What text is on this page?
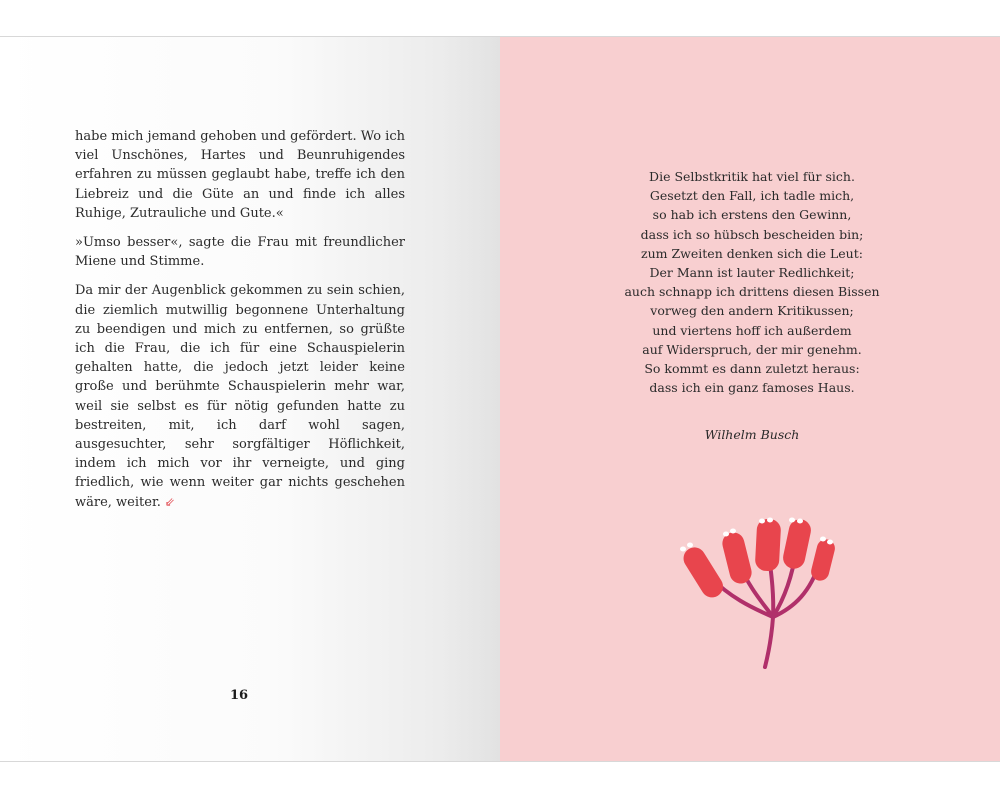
habe mich jemand gehoben und gefördert. Wo ich viel Unschönes, Hartes und Beunruhigendes erfahren zu müssen geglaubt habe, treffe ich den Liebreiz und die Güte an und finde ich alles Ruhige, Zutrauliche und Gute.«

»Umso besser«, sagte die Frau mit freundlicher Miene und Stimme.

Da mir der Augenblick gekommen zu sein schien, die ziemlich mutwillig begonnene Unterhaltung zu beendigen und mich zu entfernen, so grüßte ich die Frau, die ich für eine Schauspielerin gehalten hatte, die jedoch jetzt leider keine große und berühmte Schauspielerin mehr war, weil sie selbst es für nötig gefunden hatte zu bestreiten, mit, ich darf wohl sagen, ausgesuchter, sehr sorgfältiger Höflichkeit, indem ich mich vor ihr verneigte, und ging friedlich, wie wenn weiter gar nichts geschehen wäre, weiter. ⇙

16
Die Selbstkritik hat viel für sich.
Gesetzt den Fall, ich tadle mich,
so hab ich erstens den Gewinn,
dass ich so hübsch bescheiden bin;
zum Zweiten denken sich die Leut:
Der Mann ist lauter Redlichkeit;
auch schnapp ich drittens diesen Bissen
vorweg den andern Kritikussen;
und viertens hoff ich außerdem
auf Widerspruch, der mir genehm.
So kommt es dann zuletzt heraus:
dass ich ein ganz famoses Haus.
Wilhelm Busch
